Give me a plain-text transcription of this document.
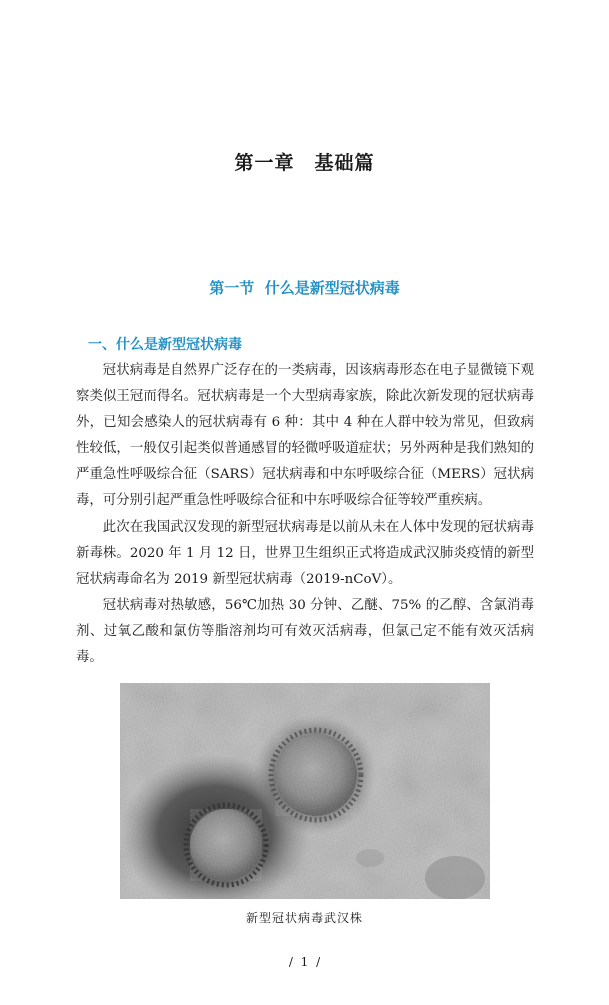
第一章　基础篇
第一节  什么是新型冠状病毒
一、什么是新型冠状病毒

冠状病毒是自然界广泛存在的一类病毒，因该病毒形态在电子显微镜下观察类似王冠而得名。冠状病毒是一个大型病毒家族，除此次新发现的冠状病毒外，已知会感染人的冠状病毒有 6 种：其中 4 种在人群中较为常见，但致病性较低，一般仅引起类似普通感冒的轻微呼吸道症状；另外两种是我们熟知的严重急性呼吸综合征（SARS）冠状病毒和中东呼吸综合征（MERS）冠状病毒，可分别引起严重急性呼吸综合征和中东呼吸综合征等较严重疾病。

此次在我国武汉发现的新型冠状病毒是以前从未在人体中发现的冠状病毒新毒株。2020 年 1 月 12 日，世界卫生组织正式将造成武汉肺炎疫情的新型冠状病毒命名为 2019 新型冠状病毒（2019-nCoV）。

冠状病毒对热敏感，56℃加热 30 分钟、乙醚、75% 的乙醇、含氯消毒剂、过氧乙酸和氯仿等脂溶剂均可有效灭活病毒，但氯己定不能有效灭活病毒。

新型冠状病毒武汉株

/ 1 /
